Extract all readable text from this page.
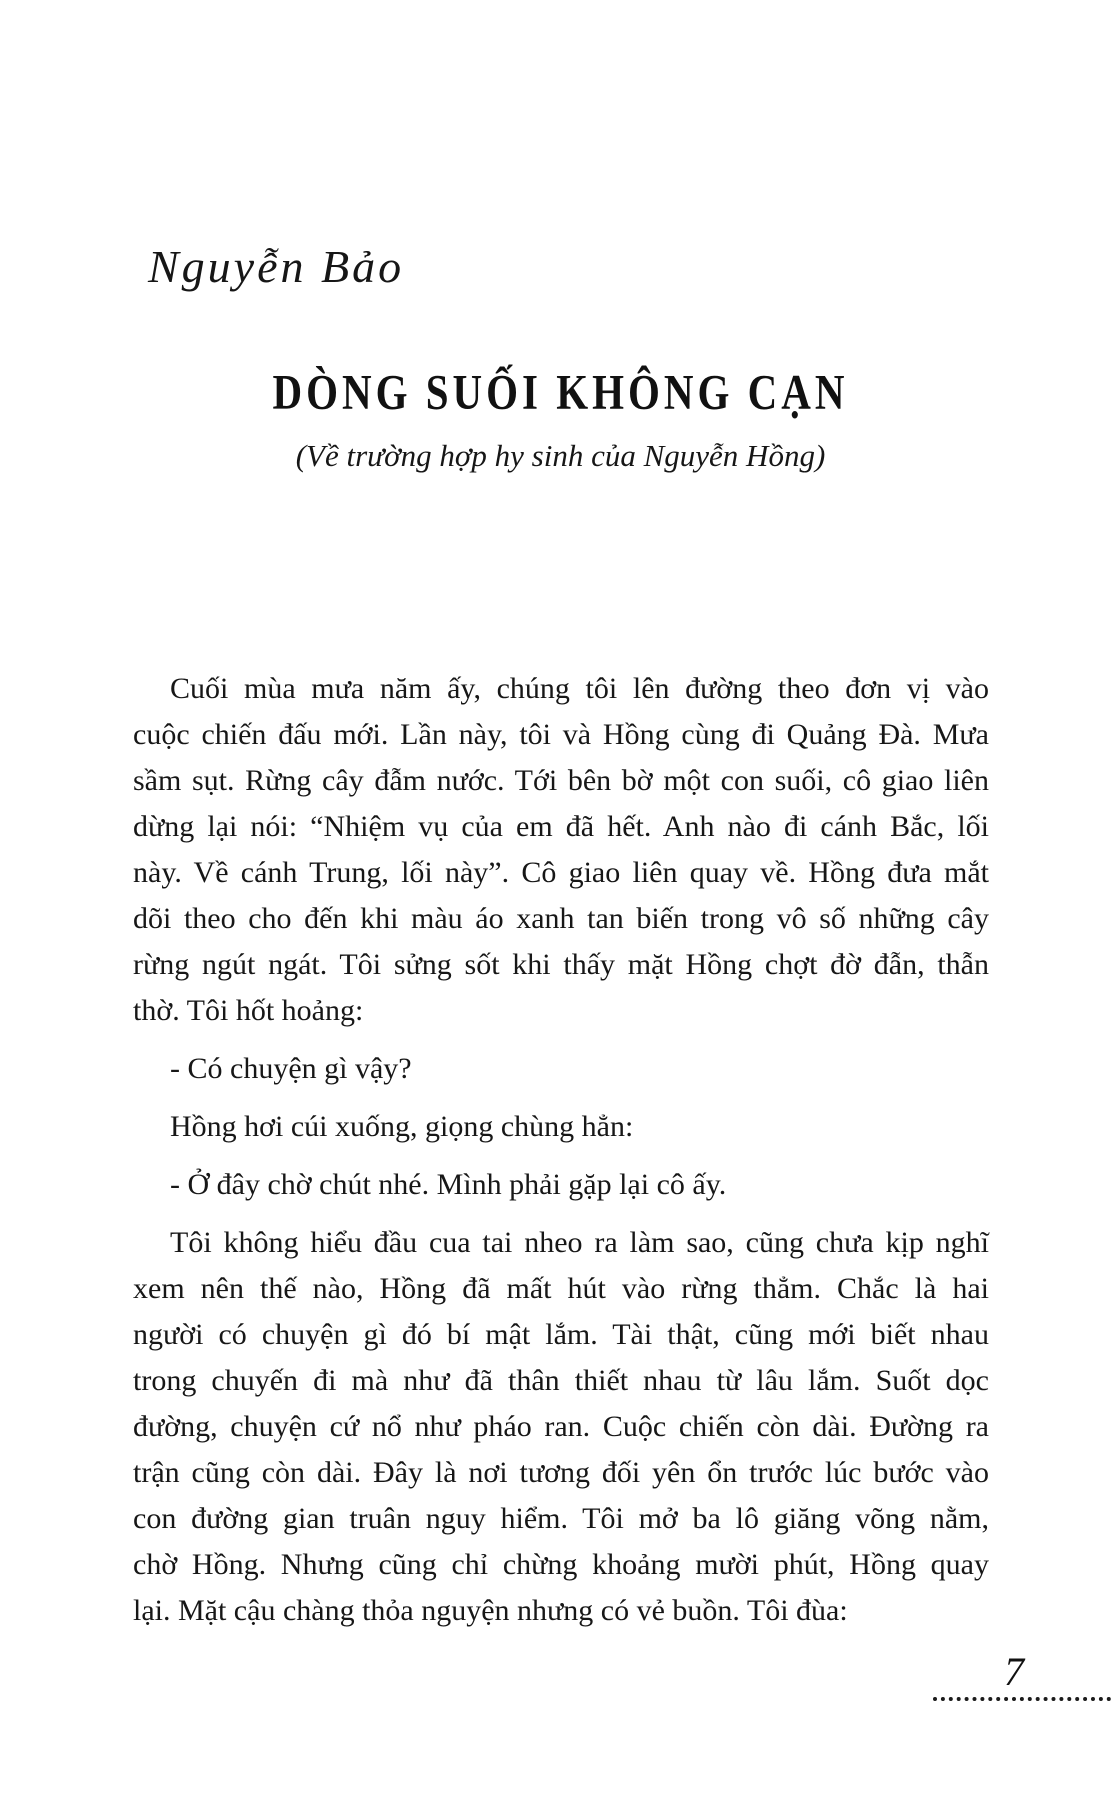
Nguyễn Bảo
DÒNG SUỐI KHÔNG CẠN
(Về trường hợp hy sinh của Nguyễn Hồng)
Cuối mùa mưa năm ấy, chúng tôi lên đường theo đơn vị vào
cuộc chiến đấu mới. Lần này, tôi và Hồng cùng đi Quảng Đà. Mưa
sầm sụt. Rừng cây đẫm nước. Tới bên bờ một con suối, cô giao liên
dừng lại nói: “Nhiệm vụ của em đã hết. Anh nào đi cánh Bắc, lối
này. Về cánh Trung, lối này”. Cô giao liên quay về. Hồng đưa mắt
dõi theo cho đến khi màu áo xanh tan biến trong vô số những cây
rừng ngút ngát. Tôi sửng sốt khi thấy mặt Hồng chợt đờ đẫn, thẫn
thờ. Tôi hốt hoảng:
- Có chuyện gì vậy?
Hồng hơi cúi xuống, giọng chùng hẳn:
- Ở đây chờ chút nhé. Mình phải gặp lại cô ấy.
Tôi không hiểu đầu cua tai nheo ra làm sao, cũng chưa kịp nghĩ
xem nên thế nào, Hồng đã mất hút vào rừng thẳm. Chắc là hai
người có chuyện gì đó bí mật lắm. Tài thật, cũng mới biết nhau
trong chuyến đi mà như đã thân thiết nhau từ lâu lắm. Suốt dọc
đường, chuyện cứ nổ như pháo ran. Cuộc chiến còn dài. Đường ra
trận cũng còn dài. Đây là nơi tương đối yên ổn trước lúc bước vào
con đường gian truân nguy hiểm. Tôi mở ba lô giăng võng nằm,
chờ Hồng. Nhưng cũng chỉ chừng khoảng mười phút, Hồng quay
lại. Mặt cậu chàng thỏa nguyện nhưng có vẻ buồn. Tôi đùa:
7
